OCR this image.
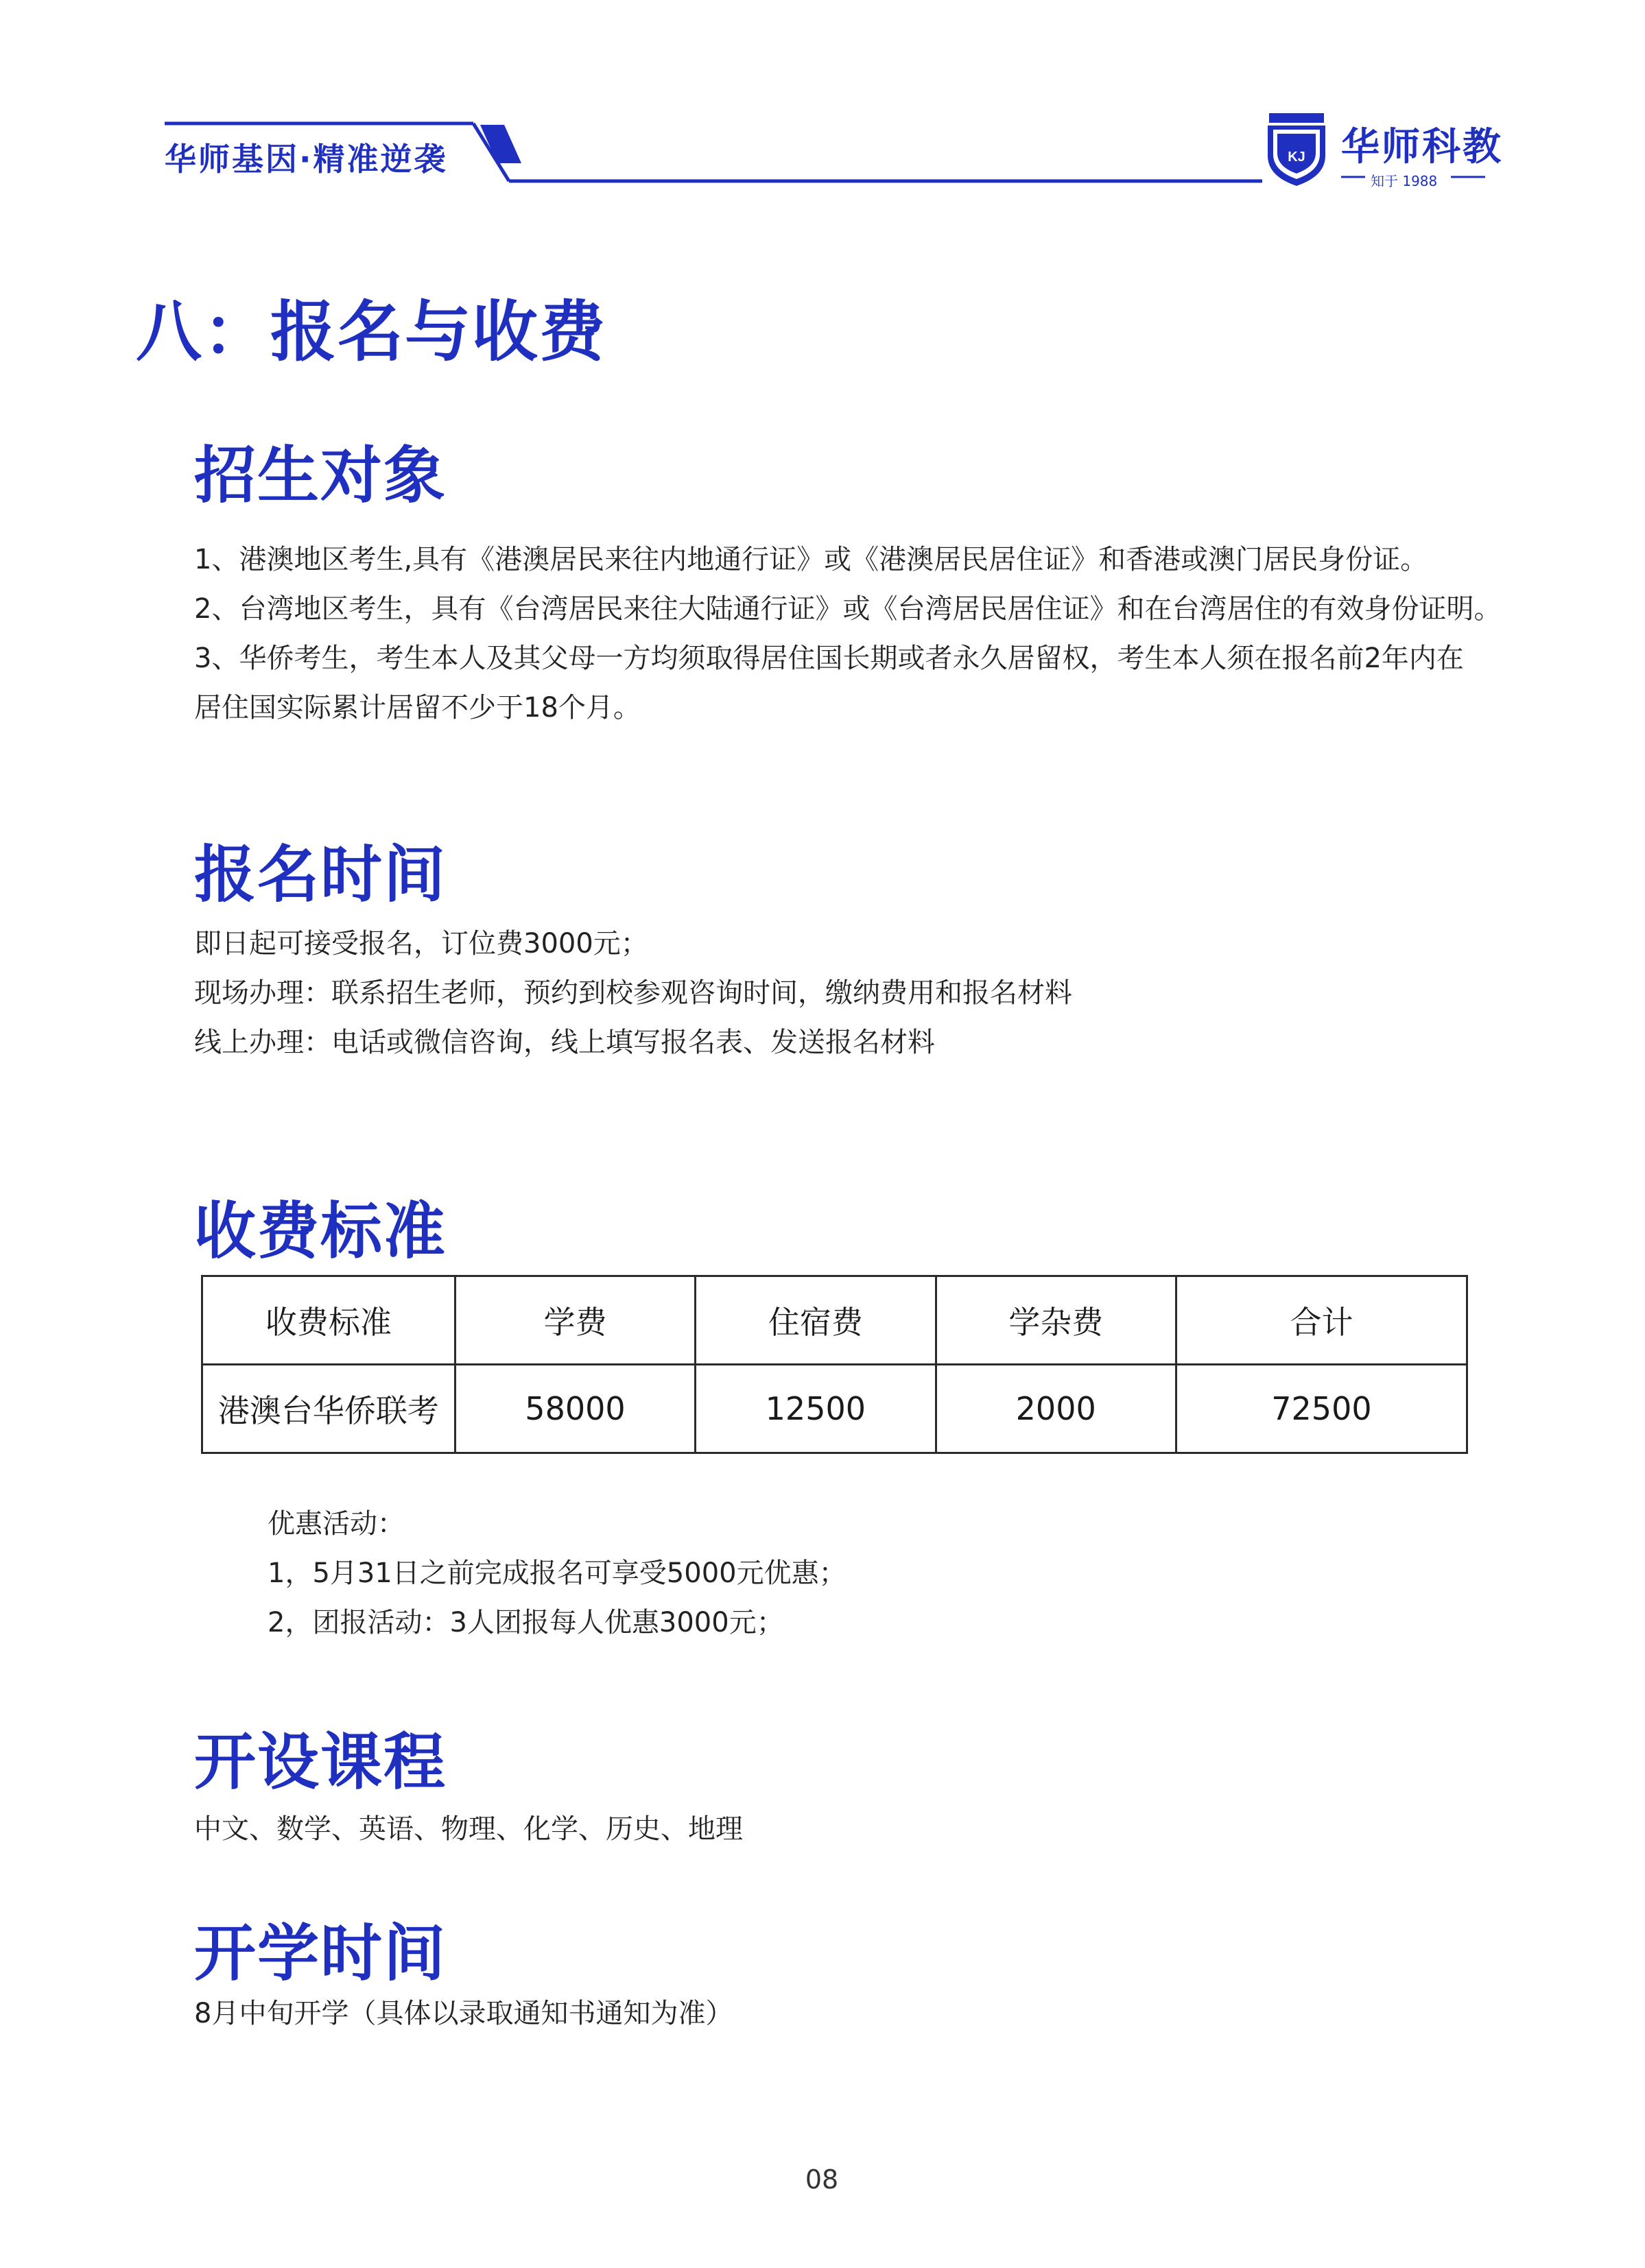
华师基因·精准逆袭	KJ 华师科教
知于 1988
八：报名与收费
招生对象
1、港澳地区考生,具有《港澳居民来往内地通行证》或《港澳居民居住证》和香港或澳门居民身份证。
2、台湾地区考生，具有《台湾居民来往大陆通行证》或《台湾居民居住证》和在台湾居住的有效身份证明。
3、华侨考生，考生本人及其父母一方均须取得居住国长期或者永久居留权，考生本人须在报名前2年内在
居住国实际累计居留不少于18个月。
报名时间
即日起可接受报名，订位费3000元；
现场办理：联系招生老师，预约到校参观咨询时间，缴纳费用和报名材料
线上办理：电话或微信咨询，线上填写报名表、发送报名材料
收费标准
收费标准	学费	住宿费	学杂费	合计
港澳台华侨联考	58000	12500	2000	72500
优惠活动：
1，5月31日之前完成报名可享受5000元优惠；
2，团报活动：3人团报每人优惠3000元；
开设课程
中文、数学、英语、物理、化学、历史、地理
开学时间
8月中旬开学（具体以录取通知书通知为准）
08
